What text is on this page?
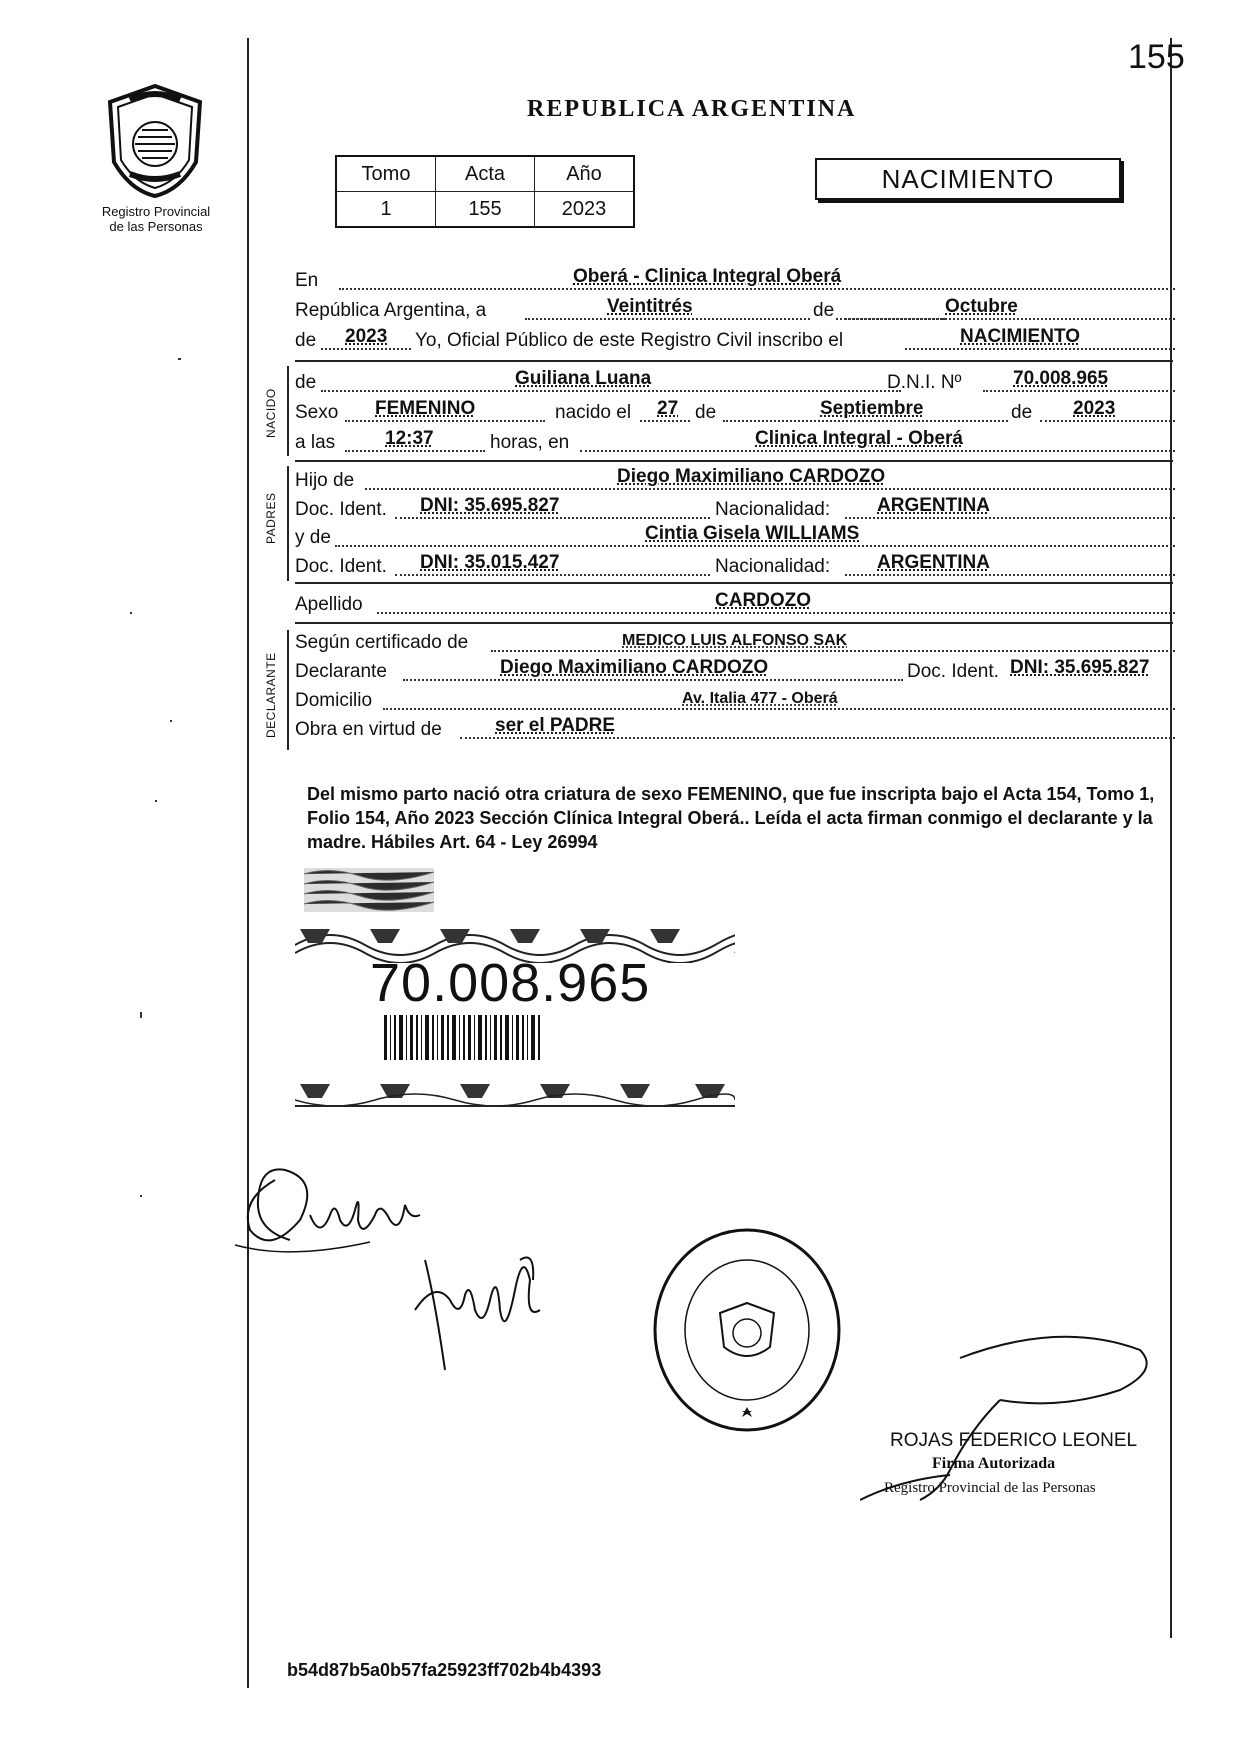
155
REPUBLICA ARGENTINA
Registro Provincial
de las Personas
Tomo	Acta	Año
1	155	2023
NACIMIENTO
En	Oberá - Clinica Integral Oberá
República Argentina, a	Veintitrés	de	Octubre
de 2023 Yo, Oficial Público de este Registro Civil inscribo el	NACIMIENTO
NACIDO
de	Guiliana Luana	D.N.I. Nº	70.008.965
Sexo FEMENINO	nacido el 27 de	Septiembre	de 2023
a las	12:37	horas, en	Clinica Integral - Oberá
PADRES
Hijo de	Diego Maximiliano CARDOZO
Doc. Ident. DNI: 35.695.827	Nacionalidad: ARGENTINA
y de	Cintia Gisela WILLIAMS
Doc. Ident. DNI: 35.015.427	Nacionalidad: ARGENTINA
Apellido	CARDOZO
DECLARANTE
Según certificado de	MEDICO LUIS ALFONSO SAK
Declarante	Diego Maximiliano CARDOZO	Doc. Ident. DNI: 35.695.827
Domicilio	Av. Italia 477 - Oberá
Obra en virtud de	ser el PADRE
Del mismo parto nació otra criatura de sexo FEMENINO, que fue inscripta bajo el Acta 154, Tomo 1, Folio 154, Año 2023 Sección Clínica Integral Oberá.. Leída el acta firman conmigo el declarante y la madre. Hábiles Art. 64 - Ley 26994
70.008.965
ROJAS FEDERICO LEONEL
Firma Autorizada
Registro Provincial de las Personas
b54d87b5a0b57fa25923ff702b4b4393
